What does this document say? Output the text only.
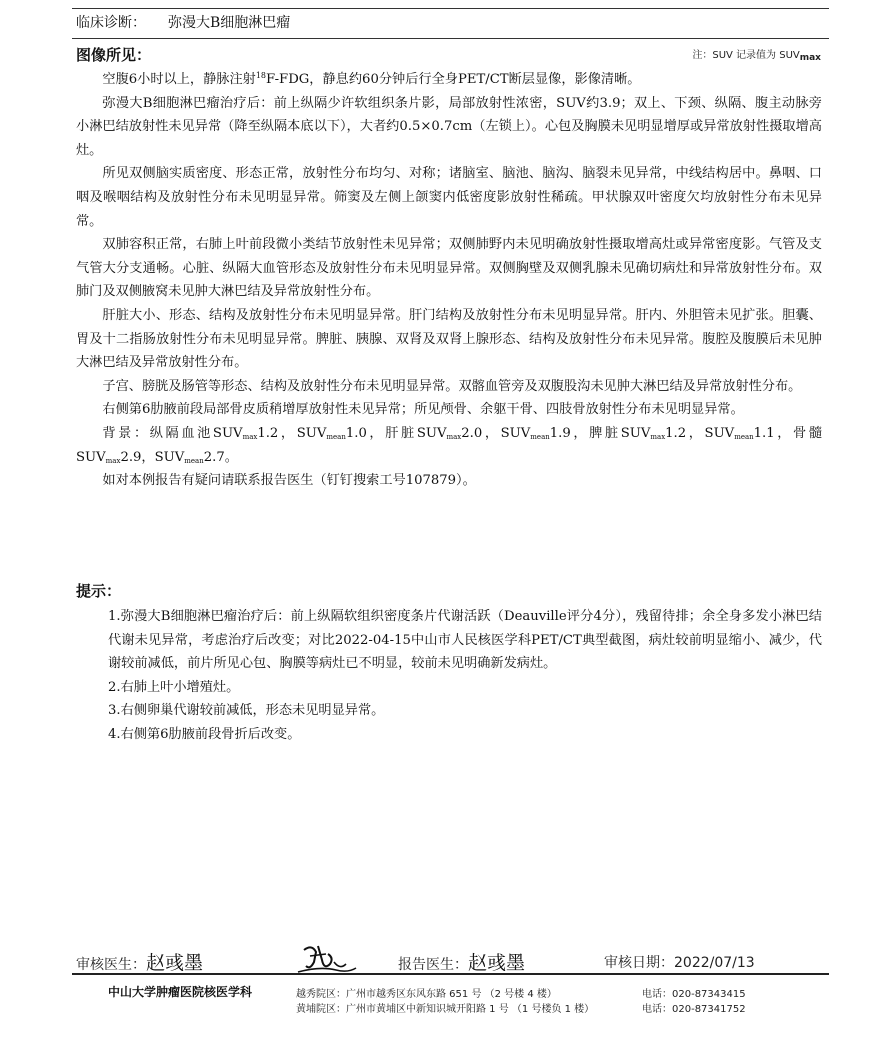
临床诊断： 弥漫大B细胞淋巴瘤
图像所见：	注：SUV 记录值为 $SUV_{max}$

空腹6小时以上，静脉注射$^{18}$F-FDG，静息约60分钟后行全身PET/CT断层显像，影像清晰。

弥漫大B细胞淋巴瘤治疗后：前上纵隔少许软组织条片影，局部放射性浓密，SUV约3.9；双上、下颈、纵隔、腹主动脉旁小淋巴结放射性未见异常（降至纵隔本底以下），大者约0.5×0.7cm（左锁上）。心包及胸膜未见明显增厚或异常放射性摄取增高灶。

所见双侧脑实质密度、形态正常，放射性分布均匀、对称；诸脑室、脑池、脑沟、脑裂未见异常，中线结构居中。鼻咽、口咽及喉咽结构及放射性分布未见明显异常。筛窦及左侧上颌窦内低密度影放射性稀疏。甲状腺双叶密度欠均放射性分布未见异常。

双肺容积正常，右肺上叶前段微小类结节放射性未见异常；双侧肺野内未见明确放射性摄取增高灶或异常密度影。气管及支气管大分支通畅。心脏、纵隔大血管形态及放射性分布未见明显异常。双侧胸壁及双侧乳腺未见确切病灶和异常放射性分布。双肺门及双侧腋窝未见肿大淋巴结及异常放射性分布。

肝脏大小、形态、结构及放射性分布未见明显异常。肝门结构及放射性分布未见明显异常。肝内、外胆管未见扩张。胆囊、胃及十二指肠放射性分布未见明显异常。脾脏、胰腺、双肾及双肾上腺形态、结构及放射性分布未见异常。腹腔及腹膜后未见肿大淋巴结及异常放射性分布。

子宫、膀胱及肠管等形态、结构及放射性分布未见明显异常。双髂血管旁及双腹股沟未见肿大淋巴结及异常放射性分布。

右侧第6肋腋前段局部骨皮质稍增厚放射性未见异常；所见颅骨、余躯干骨、四肢骨放射性分布未见明显异常。

背景：纵隔血池SUVmax1.2，SUVmean1.0，肝脏SUVmax2.0，SUVmean1.9，脾脏SUVmax1.2，SUVmean1.1，骨髓SUVmax2.9，SUVmean2.7。

如对本例报告有疑问请联系报告医生（钉钉搜索工号107879）。

提示：

1.弥漫大B细胞淋巴瘤治疗后：前上纵隔软组织密度条片代谢活跃（Deauville评分4分），残留待排；余全身多发小淋巴结代谢未见异常，考虑治疗后改变；对比2022-04-15中山市人民核医学科PET/CT典型截图，病灶较前明显缩小、减少，代谢较前减低，前片所见心包、胸膜等病灶已不明显，较前未见明确新发病灶。

2.右肺上叶小增殖灶。

3.右侧卵巢代谢较前减低，形态未见明显异常。

4.右侧第6肋腋前段骨折后改变。

审核医生：赵彧墨	报告医生：赵彧墨	审核日期：2022/07/13
中山大学肿瘤医院核医学科	越秀院区：广州市越秀区东风东路 651 号 （2 号楼 4 楼）
黄埔院区：广州市黄埔区中新知识城开阳路 1 号 （1 号楼负 1 楼）
电话：020-87343415
电话：020-87341752
